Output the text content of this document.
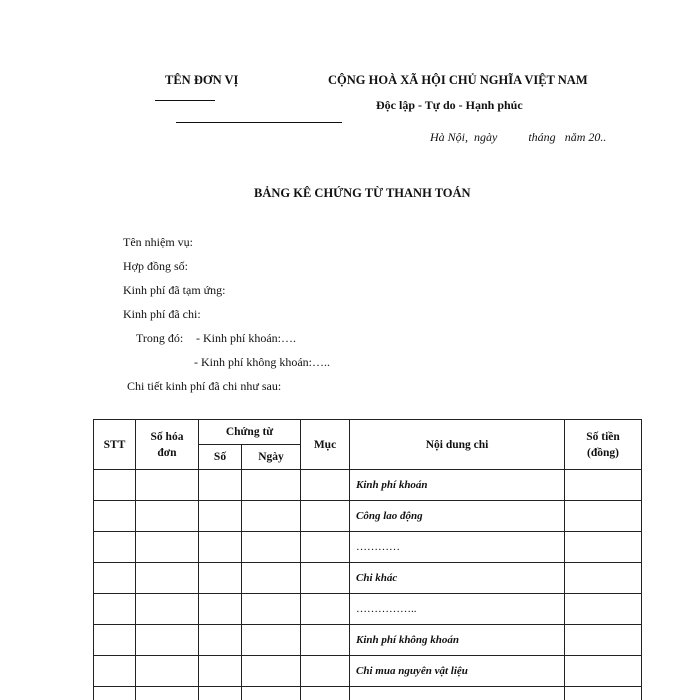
TÊN ĐƠN VỊ	CỘNG HOÀ XÃ HỘI CHỦ NGHĨA VIỆT NAM
Độc lập - Tự do - Hạnh phúc
Hà Nội, ngày	tháng năm 20..
BẢNG KÊ CHỨNG TỪ THANH TOÁN
Tên nhiệm vụ:
Hợp đồng số:
Kinh phí đã tạm ứng:
Kinh phí đã chi:
Trong đó: - Kinh phí khoán:….
- Kinh phí không khoán:…..
Chi tiết kinh phí đã chi như sau:
STT	Số hóa đơn	Chứng từ		Mục	Nội dung chi	Số tiền (đồng)
		Số	Ngày			
					Kinh phí khoán	
					Công lao động	
					…………	
					Chi khác	
					……………..	
					Kinh phí không khoán	
					Chi mua nguyên vật liệu	
